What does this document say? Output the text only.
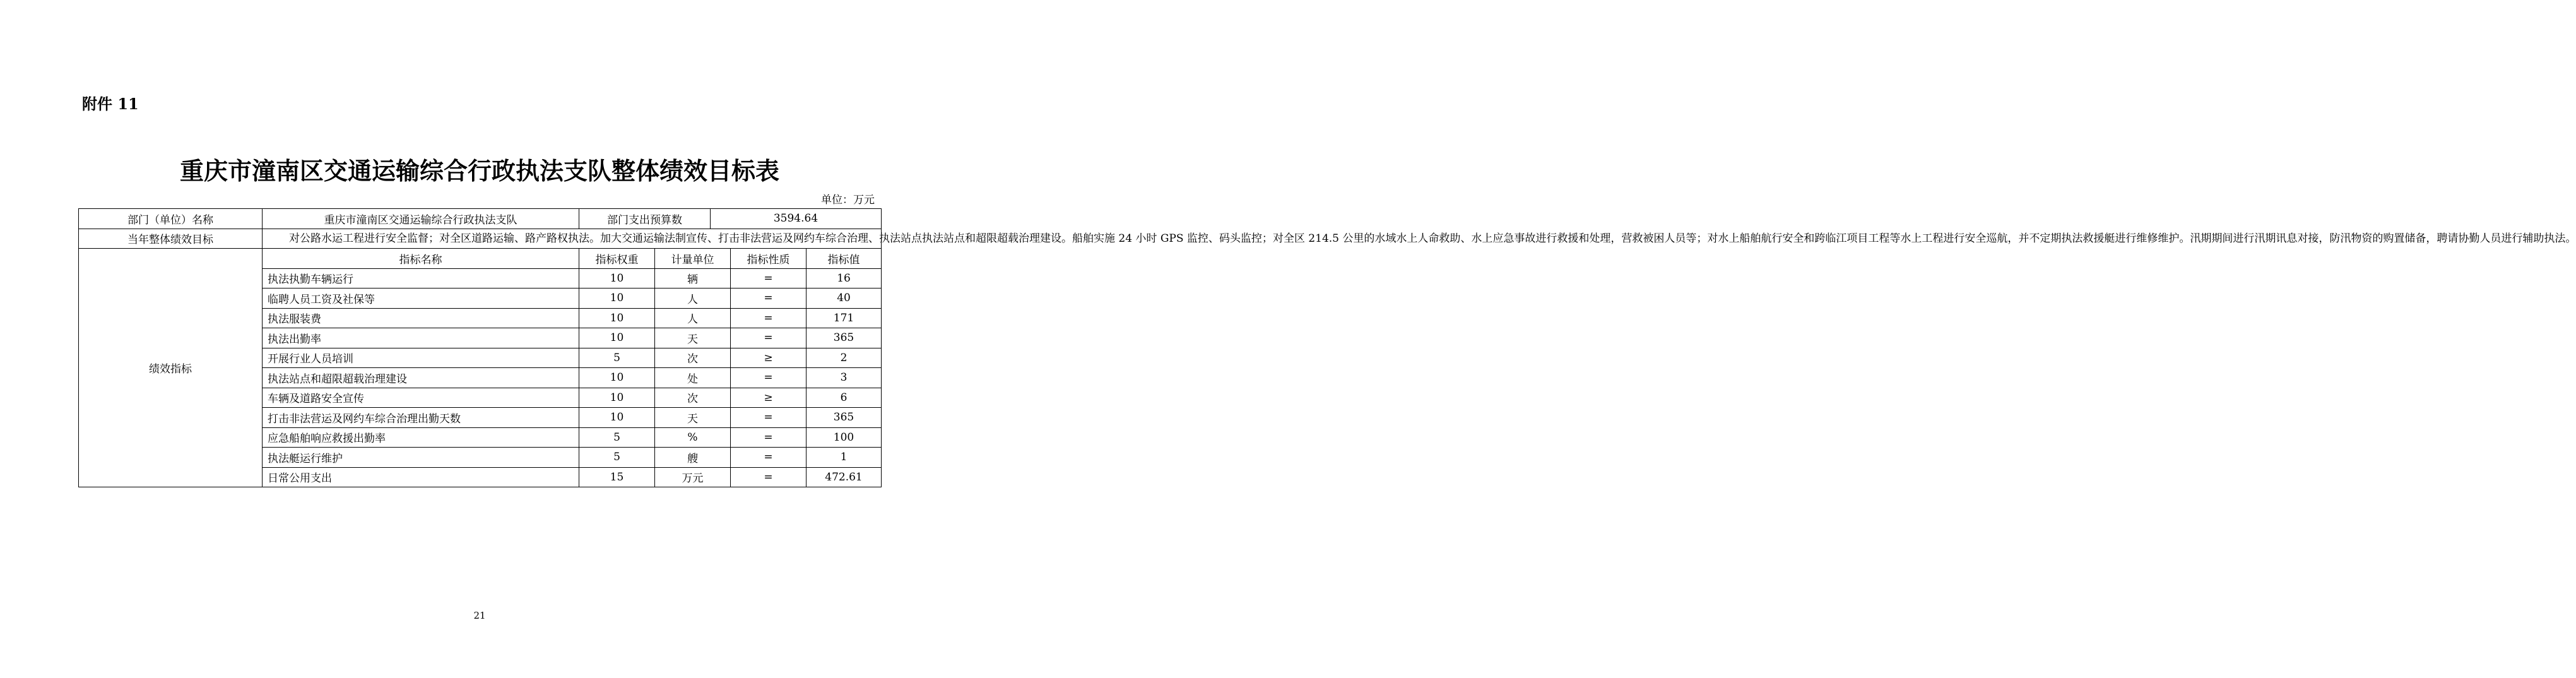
附件 11
重庆市潼南区交通运输综合行政执法支队整体绩效目标表
单位：万元
部门（单位）名称	重庆市潼南区交通运输综合行政执法支队	部门支出预算数		3594.64		
当年整体绩效目标	对公路水运工程进行安全监督；对全区道路运输、路产路权执法。加大交通运输法制宣传、打击非法营运及网约车综合治理、执法站点执法站点和超限超载治理建设。船舶实施 24 小时 GPS 监控、码头监控；对全区 214.5 公里的水域水上人命救助、水上应急事故进行救援和处理，营救被困人员等；对水上船舶航行安全和跨临江项目工程等水上工程进行安全巡航，并不定期执法救援艇进行维修维护。汛期期间进行汛期讯息对接，防汛物资的购置储备，聘请协勤人员进行辅助执法。					
绩效指标	指标名称	指标权重	计量单位		指标性质	指标值
	执法执勤车辆运行	10	辆		=	16
	临聘人员工资及社保等	10	人		=	40
	执法服装费	10	人		=	171
	执法出勤率	10	天		=	365
	开展行业人员培训	5	次		≥	2
	执法站点和超限超载治理建设	10	处		=	3
	车辆及道路安全宣传	10	次		≥	6
	打击非法营运及网约车综合治理出勤天数	10	天		=	365
	应急船舶响应救援出勤率	5	%		=	100
	执法艇运行维护	5	艘		=	1
	日常公用支出	15	万元		=	472.61
21
